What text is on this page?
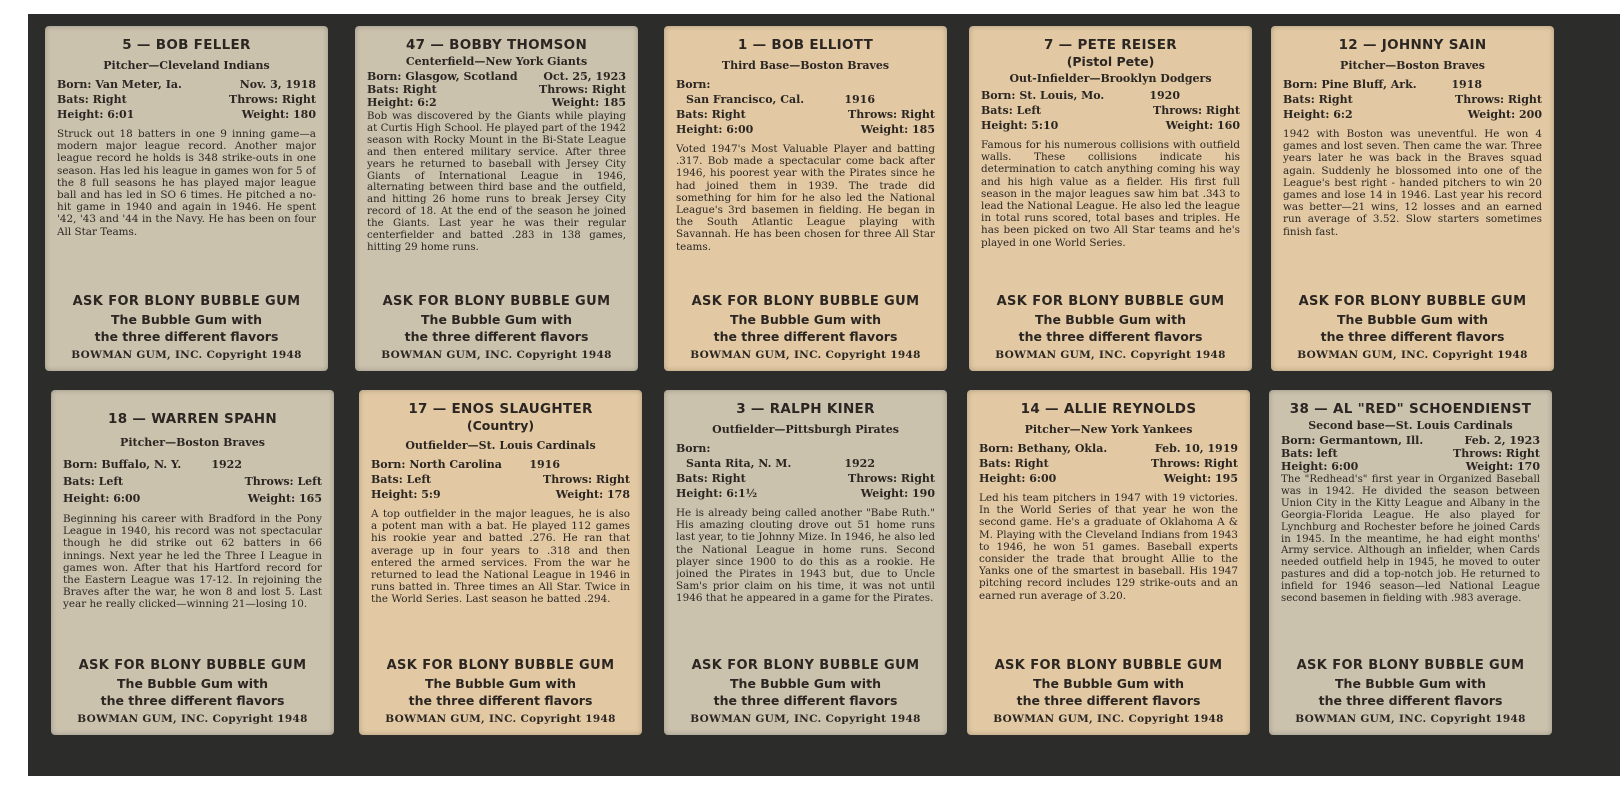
5 — BOB FELLER
Pitcher—Cleveland Indians
Born: Van Meter, Ia.	Nov. 3, 1918
Bats: Right	Throws: Right
Height: 6:01	Weight: 180
Struck out 18 batters in one 9 inning game—a modern major league record. Another major league record he holds is 348 strike-outs in one season. Has led his league in games won for 5 of the 8 full seasons he has played major league ball and has led in SO 6 times. He pitched a no-hit game in 1940 and again in 1946. He spent '42, '43 and '44 in the Navy. He has been on four All Star Teams.
ASK FOR BLONY BUBBLE GUM
The Bubble Gum with
the three different flavors
BOWMAN GUM, INC. Copyright 1948
47 — BOBBY THOMSON
Centerfield—New York Giants
Born: Glasgow, Scotland	Oct. 25, 1923
Bats: Right	Throws: Right
Height: 6:2	Weight: 185
Bob was discovered by the Giants while playing at Curtis High School. He played part of the 1942 season with Rocky Mount in the Bi-State League and then entered military service. After three years he returned to baseball with Jersey City Giants of International League in 1946, alternating between third base and the outfield, and hitting 26 home runs to break Jersey City record of 18. At the end of the season he joined the Giants. Last year he was their regular centerfielder and batted .283 in 138 games, hitting 29 home runs.
ASK FOR BLONY BUBBLE GUM
The Bubble Gum with
the three different flavors
BOWMAN GUM, INC. Copyright 1948
1 — BOB ELLIOTT
Third Base—Boston Braves
Born:
San Francisco, Cal.	1916
Bats: Right	Throws: Right
Height: 6:00	Weight: 185
Voted 1947's Most Valuable Player and batting .317. Bob made a spectacular come back after 1946, his poorest year with the Pirates since he had joined them in 1939. The trade did something for him for he also led the National League's 3rd basemen in fielding. He began in the South Atlantic League playing with Savannah. He has been chosen for three All Star teams.
ASK FOR BLONY BUBBLE GUM
The Bubble Gum with
the three different flavors
BOWMAN GUM, INC. Copyright 1948
7 — PETE REISER
(Pistol Pete)
Out-Infielder—Brooklyn Dodgers
Born: St. Louis, Mo.	1920
Bats: Left	Throws: Right
Height: 5:10	Weight: 160
Famous for his numerous collisions with outfield walls. These collisions indicate his determination to catch anything coming his way and his high value as a fielder. His first full season in the major leagues saw him bat .343 to lead the National League. He also led the league in total runs scored, total bases and triples. He has been picked on two All Star teams and he's played in one World Series.
ASK FOR BLONY BUBBLE GUM
The Bubble Gum with
the three different flavors
BOWMAN GUM, INC. Copyright 1948
12 — JOHNNY SAIN
Pitcher—Boston Braves
Born: Pine Bluff, Ark.	1918
Bats: Right	Throws: Right
Height: 6:2	Weight: 200
1942 with Boston was uneventful. He won 4 games and lost seven. Then came the war. Three years later he was back in the Braves squad again. Suddenly he blossomed into one of the League's best right - handed pitchers to win 20 games and lose 14 in 1946. Last year his record was better—21 wins, 12 losses and an earned run average of 3.52. Slow starters sometimes finish fast.
ASK FOR BLONY BUBBLE GUM
The Bubble Gum with
the three different flavors
BOWMAN GUM, INC. Copyright 1948
18 — WARREN SPAHN
Pitcher—Boston Braves
Born: Buffalo, N. Y.	1922
Bats: Left	Throws: Left
Height: 6:00	Weight: 165
Beginning his career with Bradford in the Pony League in 1940, his record was not spectacular though he did strike out 62 batters in 66 innings. Next year he led the Three I League in games won. After that his Hartford record for the Eastern League was 17-12. In rejoining the Braves after the war, he won 8 and lost 5. Last year he really clicked—winning 21—losing 10.
ASK FOR BLONY BUBBLE GUM
The Bubble Gum with
the three different flavors
BOWMAN GUM, INC. Copyright 1948
17 — ENOS SLAUGHTER
(Country)
Outfielder—St. Louis Cardinals
Born: North Carolina	1916
Bats: Left	Throws: Right
Height: 5:9	Weight: 178
A top outfielder in the major leagues, he is also a potent man with a bat. He played 112 games his rookie year and batted .276. He ran that average up in four years to .318 and then entered the armed services. From the war he returned to lead the National League in 1946 in runs batted in. Three times an All Star. Twice in the World Series. Last season he batted .294.
ASK FOR BLONY BUBBLE GUM
The Bubble Gum with
the three different flavors
BOWMAN GUM, INC. Copyright 1948
3 — RALPH KINER
Outfielder—Pittsburgh Pirates
Born:
Santa Rita, N. M.	1922
Bats: Right	Throws: Right
Height: 6:1½	Weight: 190
He is already being called another "Babe Ruth." His amazing clouting drove out 51 home runs last year, to tie Johnny Mize. In 1946, he also led the National League in home runs. Second player since 1900 to do this as a rookie. He joined the Pirates in 1943 but, due to Uncle Sam's prior claim on his time, it was not until 1946 that he appeared in a game for the Pirates.
ASK FOR BLONY BUBBLE GUM
The Bubble Gum with
the three different flavors
BOWMAN GUM, INC. Copyright 1948
14 — ALLIE REYNOLDS
Pitcher—New York Yankees
Born: Bethany, Okla.	Feb. 10, 1919
Bats: Right	Throws: Right
Height: 6:00	Weight: 195
Led his team pitchers in 1947 with 19 victories. In the World Series of that year he won the second game. He's a graduate of Oklahoma A & M. Playing with the Cleveland Indians from 1943 to 1946, he won 51 games. Baseball experts consider the trade that brought Allie to the Yanks one of the smartest in baseball. His 1947 pitching record includes 129 strike-outs and an earned run average of 3.20.
ASK FOR BLONY BUBBLE GUM
The Bubble Gum with
the three different flavors
BOWMAN GUM, INC. Copyright 1948
38 — AL "RED" SCHOENDIENST
Second base—St. Louis Cardinals
Born: Germantown, Ill.	Feb. 2, 1923
Bats: left	Throws: Right
Height: 6:00	Weight: 170
The "Redhead's" first year in Organized Baseball was in 1942. He divided the season between Union City in the Kitty League and Albany in the Georgia-Florida League. He also played for Lynchburg and Rochester before he joined Cards in 1945. In the meantime, he had eight months' Army service. Although an infielder, when Cards needed outfield help in 1945, he moved to outer pastures and did a top-notch job. He returned to infield for 1946 season—led National League second basemen in fielding with .983 average.
ASK FOR BLONY BUBBLE GUM
The Bubble Gum with
the three different flavors
BOWMAN GUM, INC. Copyright 1948
